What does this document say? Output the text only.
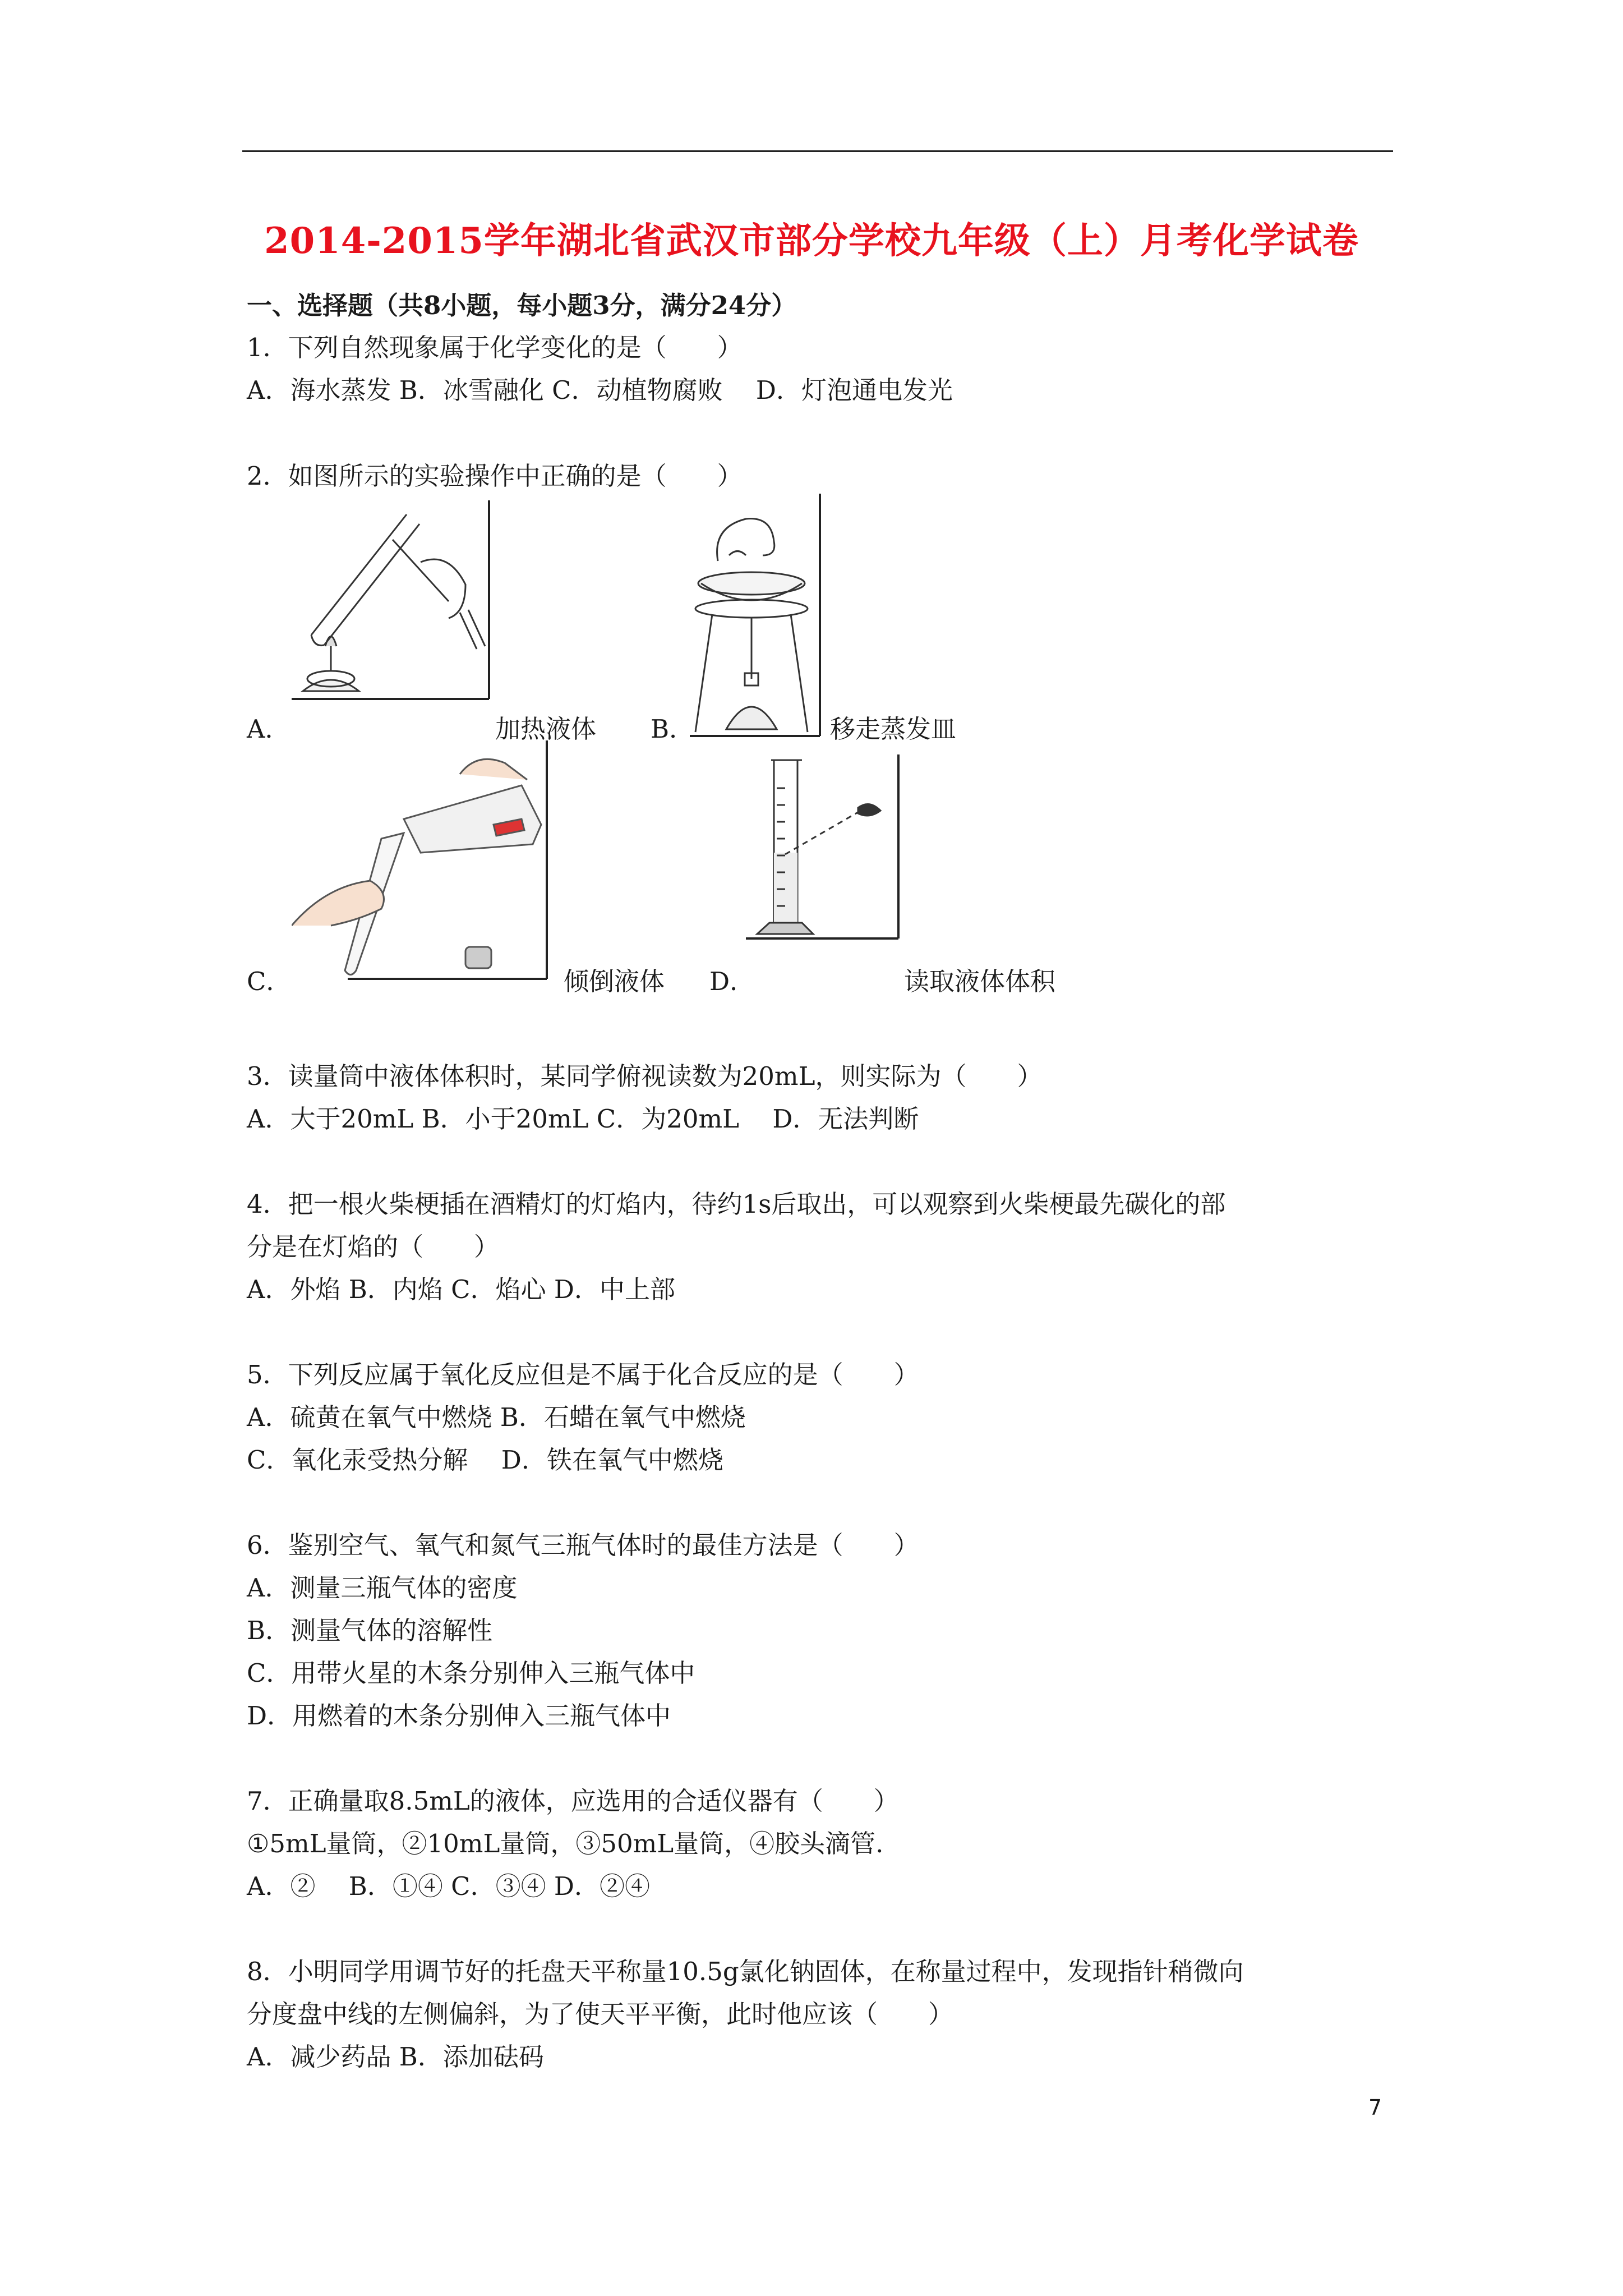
2014-2015学年湖北省武汉市部分学校九年级（上）月考化学试卷
一、选择题（共8小题，每小题3分，满分24分）
1．下列自然现象属于化学变化的是（　　）
A．海水蒸发 B．冰雪融化 C．动植物腐败　 D．灯泡通电发光
2．如图所示的实验操作中正确的是（　　）
A．	加热液体 B．	移走蒸发皿
C．	倾倒液体 D．	读取液体体积
3．读量筒中液体体积时，某同学俯视读数为20mL，则实际为（　　）
A．大于20mL B．小于20mL C．为20mL　 D．无法判断
4．把一根火柴梗插在酒精灯的灯焰内，待约1s后取出，可以观察到火柴梗最先碳化的部
分是在灯焰的（　　）
A．外焰 B．内焰 C．焰心 D．中上部
5．下列反应属于氧化反应但是不属于化合反应的是（　　）
A．硫黄在氧气中燃烧 B．石蜡在氧气中燃烧
C．氧化汞受热分解　 D．铁在氧气中燃烧
6．鉴别空气、氧气和氮气三瓶气体时的最佳方法是（　　）
A．测量三瓶气体的密度
B．测量气体的溶解性
C．用带火星的木条分别伸入三瓶气体中
D．用燃着的木条分别伸入三瓶气体中
7．正确量取8.5mL的液体，应选用的合适仪器有（　　）
①5mL量筒，②10mL量筒，③50mL量筒，④胶头滴管.
A．②　 B．①④ C．③④ D．②④
8．小明同学用调节好的托盘天平称量10.5g氯化钠固体，在称量过程中，发现指针稍微向
分度盘中线的左侧偏斜，为了使天平平衡，此时他应该（　　）
A．减少药品 B．添加砝码
7
